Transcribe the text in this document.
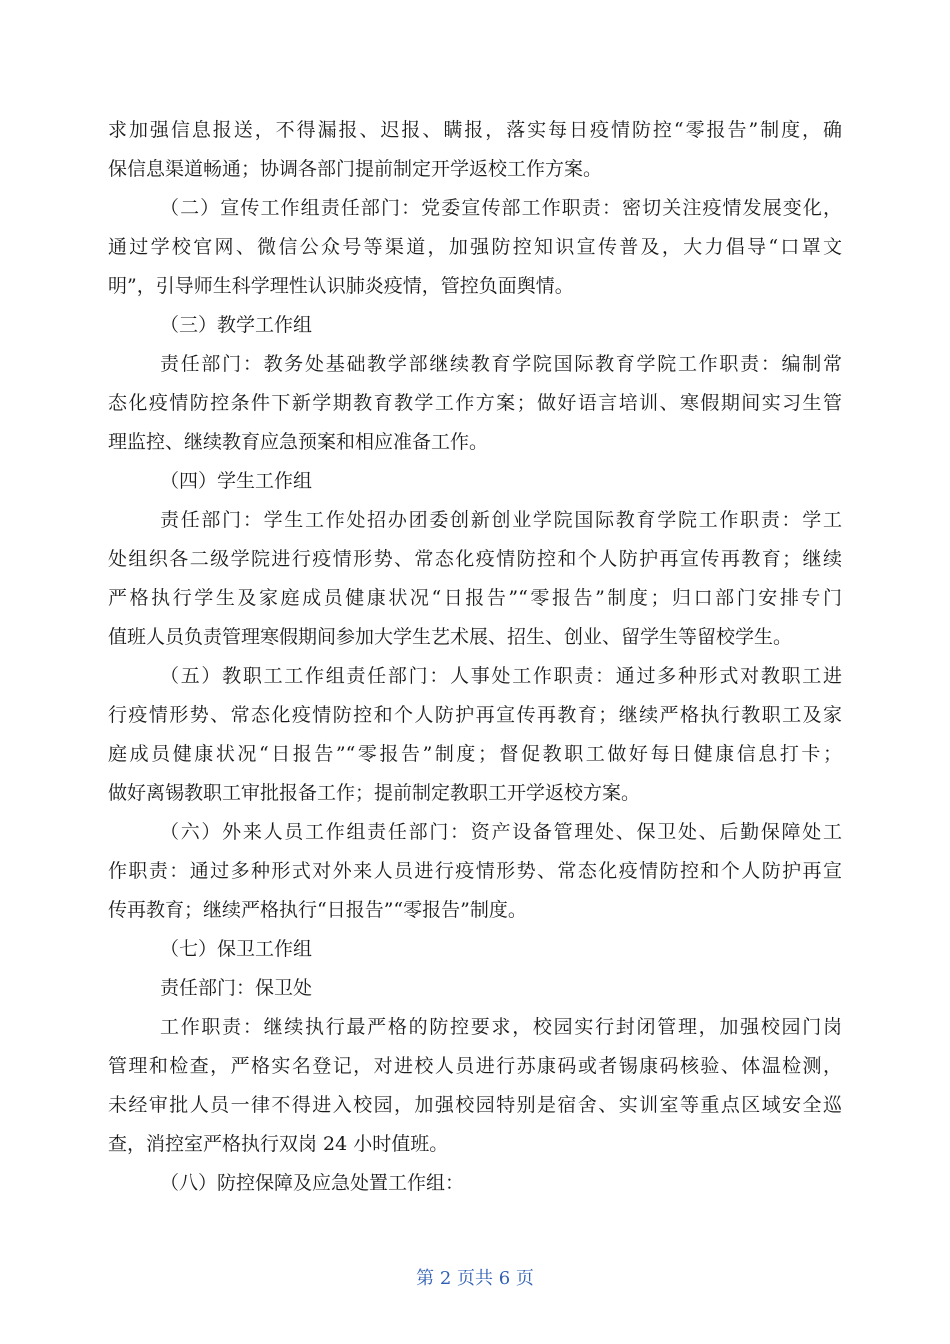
求加强信息报送，不得漏报、迟报、瞒报，落实每日疫情防控“零报告”制度，确
保信息渠道畅通；协调各部门提前制定开学返校工作方案。
（二）宣传工作组责任部门：党委宣传部工作职责：密切关注疫情发展变化，
通过学校官网、微信公众号等渠道，加强防控知识宣传普及，大力倡导“口罩文
明”，引导师生科学理性认识肺炎疫情，管控负面舆情。
（三）教学工作组
责任部门：教务处基础教学部继续教育学院国际教育学院工作职责：编制常
态化疫情防控条件下新学期教育教学工作方案；做好语言培训、寒假期间实习生管
理监控、继续教育应急预案和相应准备工作。
（四）学生工作组
责任部门：学生工作处招办团委创新创业学院国际教育学院工作职责：学工
处组织各二级学院进行疫情形势、常态化疫情防控和个人防护再宣传再教育；继续
严格执行学生及家庭成员健康状况“日报告”“零报告”制度；归口部门安排专门
值班人员负责管理寒假期间参加大学生艺术展、招生、创业、留学生等留校学生。
（五）教职工工作组责任部门：人事处工作职责：通过多种形式对教职工进
行疫情形势、常态化疫情防控和个人防护再宣传再教育；继续严格执行教职工及家
庭成员健康状况“日报告”“零报告”制度；督促教职工做好每日健康信息打卡；
做好离锡教职工审批报备工作；提前制定教职工开学返校方案。
（六）外来人员工作组责任部门：资产设备管理处、保卫处、后勤保障处工
作职责：通过多种形式对外来人员进行疫情形势、常态化疫情防控和个人防护再宣
传再教育；继续严格执行“日报告”“零报告”制度。
（七）保卫工作组
责任部门：保卫处
工作职责：继续执行最严格的防控要求，校园实行封闭管理，加强校园门岗
管理和检查，严格实名登记，对进校人员进行苏康码或者锡康码核验、体温检测，
未经审批人员一律不得进入校园，加强校园特别是宿舍、实训室等重点区域安全巡
查，消控室严格执行双岗 24 小时值班。
（八）防控保障及应急处置工作组：
第 2 页共 6 页
